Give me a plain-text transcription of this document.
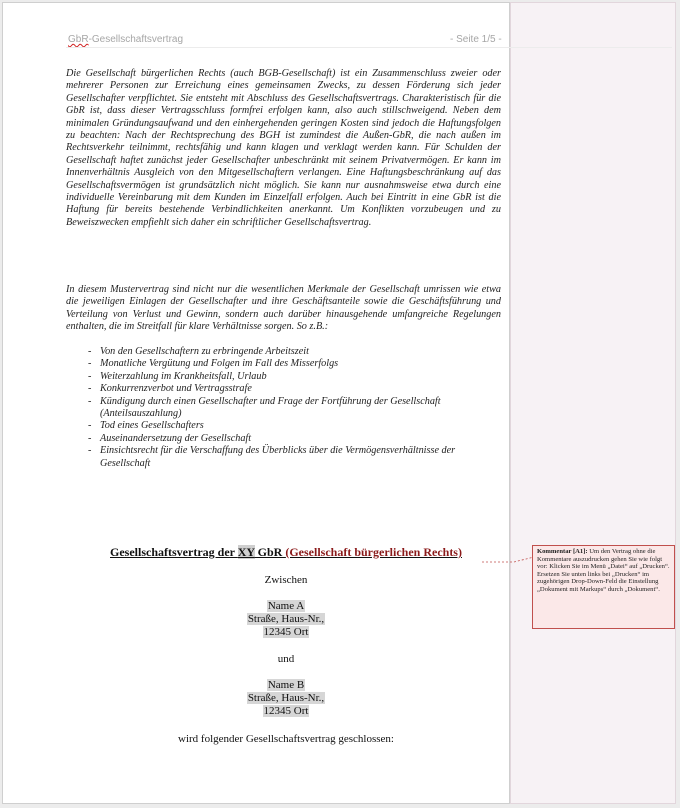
GbR-Gesellschaftsvertrag	- Seite 1/5 -
Die Gesellschaft bürgerlichen Rechts (auch BGB-Gesellschaft) ist ein Zusammenschluss zweier oder mehrerer Personen zur Erreichung eines gemeinsamen Zwecks, zu dessen Förderung sich jeder Gesellschafter verpflichtet. Sie entsteht mit Abschluss des Gesellschaftsvertrags. Charakteristisch für die GbR ist, dass dieser Vertragsschluss formfrei erfolgen kann, also auch stillschweigend. Neben dem minimalen Gründungsaufwand und den einhergehenden geringen Kosten sind jedoch die Haftungsfolgen zu beachten: Nach der Rechtsprechung des BGH ist zumindest die Außen-GbR, die nach außen im Rechtsverkehr teilnimmt, rechtsfähig und kann klagen und verklagt werden kann. Für Schulden der Gesellschaft haftet zunächst jeder Gesellschafter unbeschränkt mit seinem Privatvermögen. Er kann im Innenverhältnis Ausgleich von den Mitgesellschaftern verlangen. Eine Haftungsbeschränkung auf das Gesellschaftsvermögen ist grundsätzlich nicht möglich. Sie kann nur ausnahmsweise etwa durch eine individuelle Vereinbarung mit dem Kunden im Einzelfall erfolgen. Auch bei Eintritt in eine GbR ist die Haftung für bereits bestehende Verbindlichkeiten anerkannt. Um Konflikten vorzubeugen und zu Beweiszwecken empfiehlt sich daher ein schriftlicher Gesellschaftsvertrag.
In diesem Mustervertrag sind nicht nur die wesentlichen Merkmale der Gesellschaft umrissen wie etwa die jeweiligen Einlagen der Gesellschafter und ihre Geschäftsanteile sowie die Geschäftsführung und Verteilung von Verlust und Gewinn, sondern auch darüber hinausgehende umfangreiche Regelungen enthalten, die im Streitfall für klare Verhältnisse sorgen. So z.B.:
- Von den Gesellschaftern zu erbringende Arbeitszeit
- Monatliche Vergütung und Folgen im Fall des Misserfolgs
- Weiterzahlung im Krankheitsfall, Urlaub
- Konkurrenzverbot und Vertragsstrafe
- Kündigung durch einen Gesellschafter und Frage der Fortführung der Gesellschaft (Anteilsauszahlung)
- Tod eines Gesellschafters
- Auseinandersetzung der Gesellschaft
- Einsichtsrecht für die Verschaffung des Überblicks über die Vermögensverhältnisse der Gesellschaft
Gesellschaftsvertrag der XY GbR (Gesellschaft bürgerlichen Rechts)
Zwischen
Name A
Straße, Haus-Nr.,
12345 Ort
und
Name B
Straße, Haus-Nr.,
12345 Ort
wird folgender Gesellschaftsvertrag geschlossen:
Kommentar [A1]: Um den Vertrag ohne die Kommentare auszudrucken gehen Sie wie folgt vor: Klicken Sie im Menü „Datei“ auf „Drucken“. Ersetzen Sie unten links bei „Drucken“ im zugehörigen Drop-Down-Feld die Einstellung „Dokument mit Markups“ durch „Dokument“.
